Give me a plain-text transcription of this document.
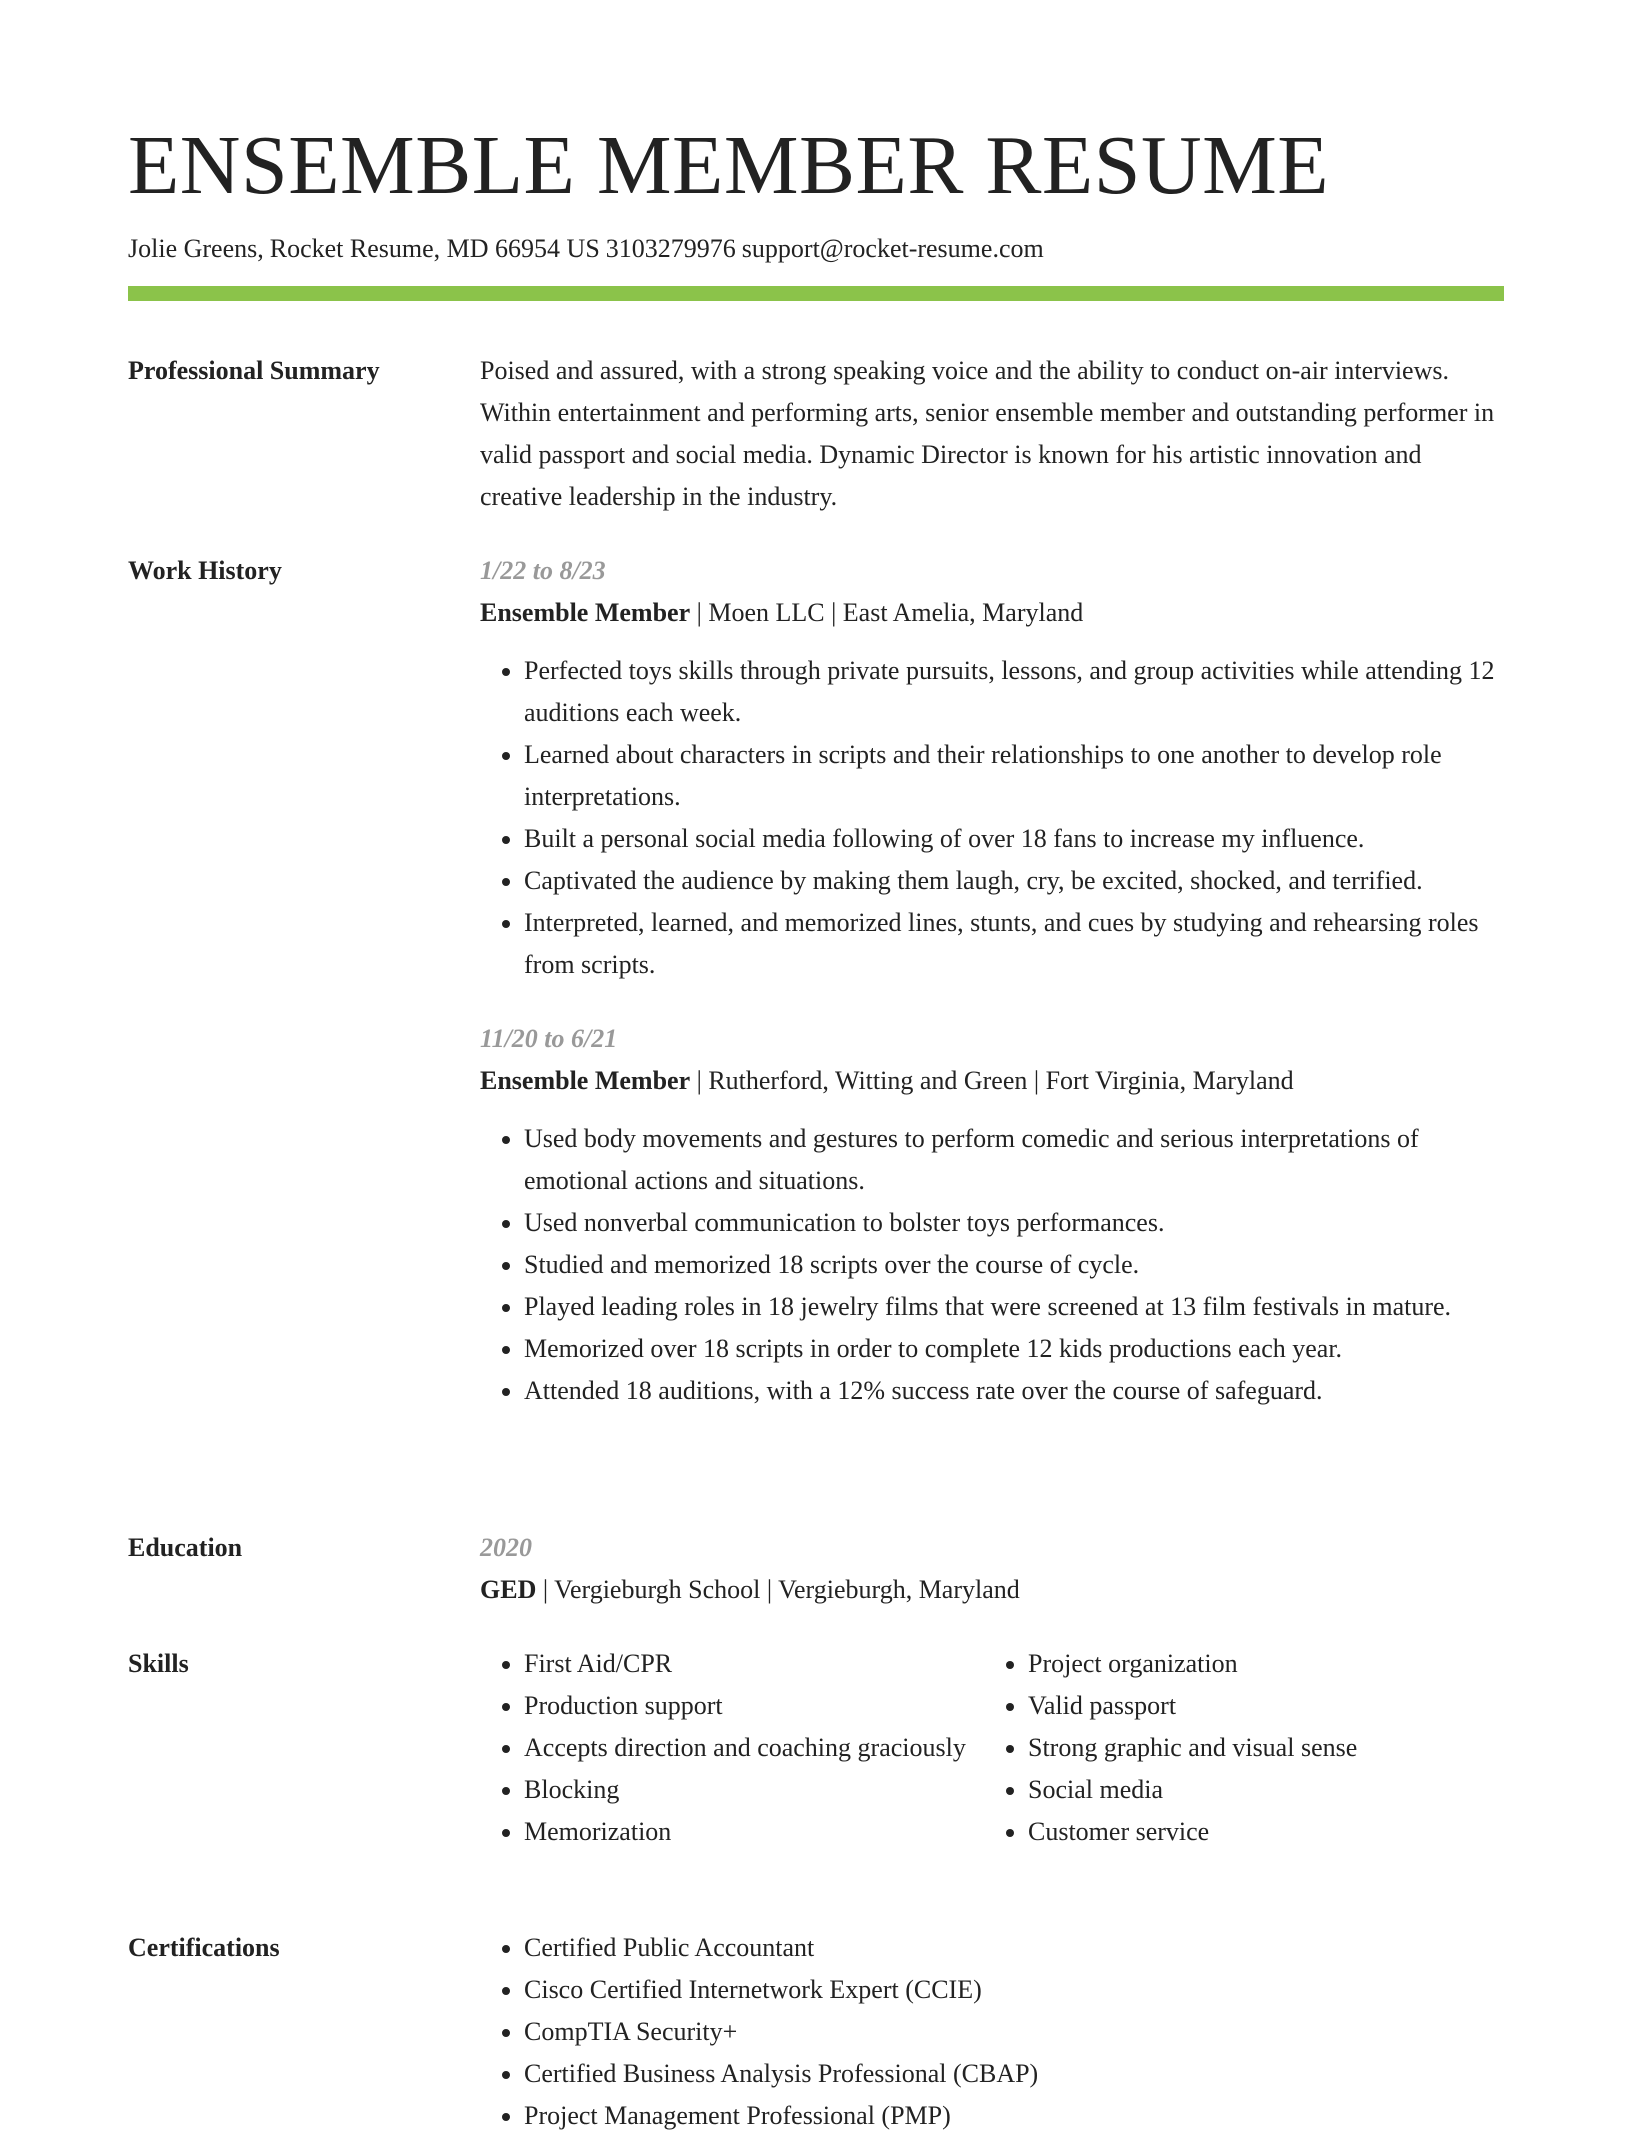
ENSEMBLE MEMBER RESUME
Jolie Greens, Rocket Resume, MD 66954 US 3103279976 support@rocket-resume.com
Professional Summary	Poised and assured, with a strong speaking voice and the ability to conduct on-air interviews. Within entertainment and performing arts, senior ensemble member and outstanding performer in valid passport and social media. Dynamic Director is known for his artistic innovation and creative leadership in the industry.

Work History	1/22 to 8/23
Ensemble Member | Moen LLC | East Amelia, Maryland
• Perfected toys skills through private pursuits, lessons, and group activities while attending 12 auditions each week.
• Learned about characters in scripts and their relationships to one another to develop role interpretations.
• Built a personal social media following of over 18 fans to increase my influence.
• Captivated the audience by making them laugh, cry, be excited, shocked, and terrified.
• Interpreted, learned, and memorized lines, stunts, and cues by studying and rehearsing roles from scripts.
11/20 to 6/21
Ensemble Member | Rutherford, Witting and Green | Fort Virginia, Maryland
• Used body movements and gestures to perform comedic and serious interpretations of emotional actions and situations.
• Used nonverbal communication to bolster toys performances.
• Studied and memorized 18 scripts over the course of cycle.
• Played leading roles in 18 jewelry films that were screened at 13 film festivals in mature.
• Memorized over 18 scripts in order to complete 12 kids productions each year.
• Attended 18 auditions, with a 12% success rate over the course of safeguard.
Education	2020
GED | Vergieburgh School | Vergieburgh, Maryland
Skills	• First Aid/CPR
• Production support
• Accepts direction and coaching graciously
• Blocking
• Memorization
• Project organization
• Valid passport
• Strong graphic and visual sense
• Social media
• Customer service
Certifications	• Certified Public Accountant
• Cisco Certified Internetwork Expert (CCIE)
• CompTIA Security+
• Certified Business Analysis Professional (CBAP)
• Project Management Professional (PMP)
